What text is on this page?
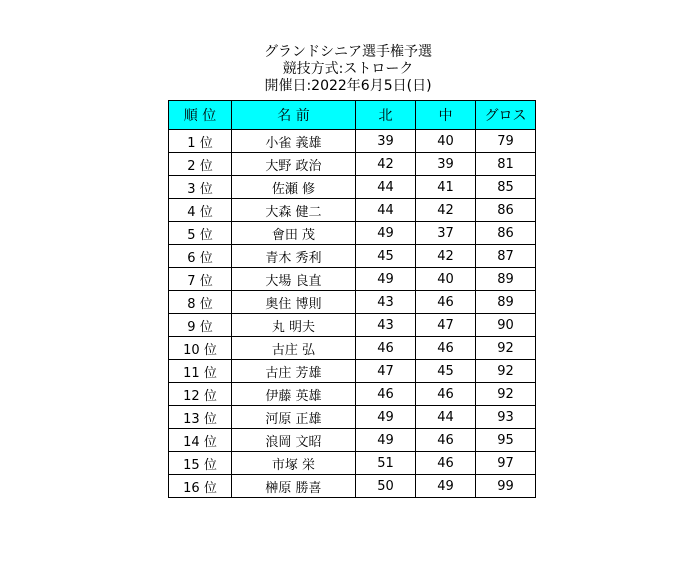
グランドシニア選手権予選
競技方式:ストローク
開催日:2022年6月5日(日)
順 位	名 前	北	中	グロス
1 位	小雀 義雄	39	40	79
2 位	大野 政治	42	39	81
3 位	佐瀬 修	44	41	85
4 位	大森 健二	44	42	86
5 位	會田 茂	49	37	86
6 位	青木 秀利	45	42	87
7 位	大場 良直	49	40	89
8 位	奥住 博則	43	46	89
9 位	丸 明夫	43	47	90
10 位	古庄 弘	46	46	92
11 位	古庄 芳雄	47	45	92
12 位	伊藤 英雄	46	46	92
13 位	河原 正雄	49	44	93
14 位	浪岡 文昭	49	46	95
15 位	市塚 栄	51	46	97
16 位	榊原 勝喜	50	49	99
